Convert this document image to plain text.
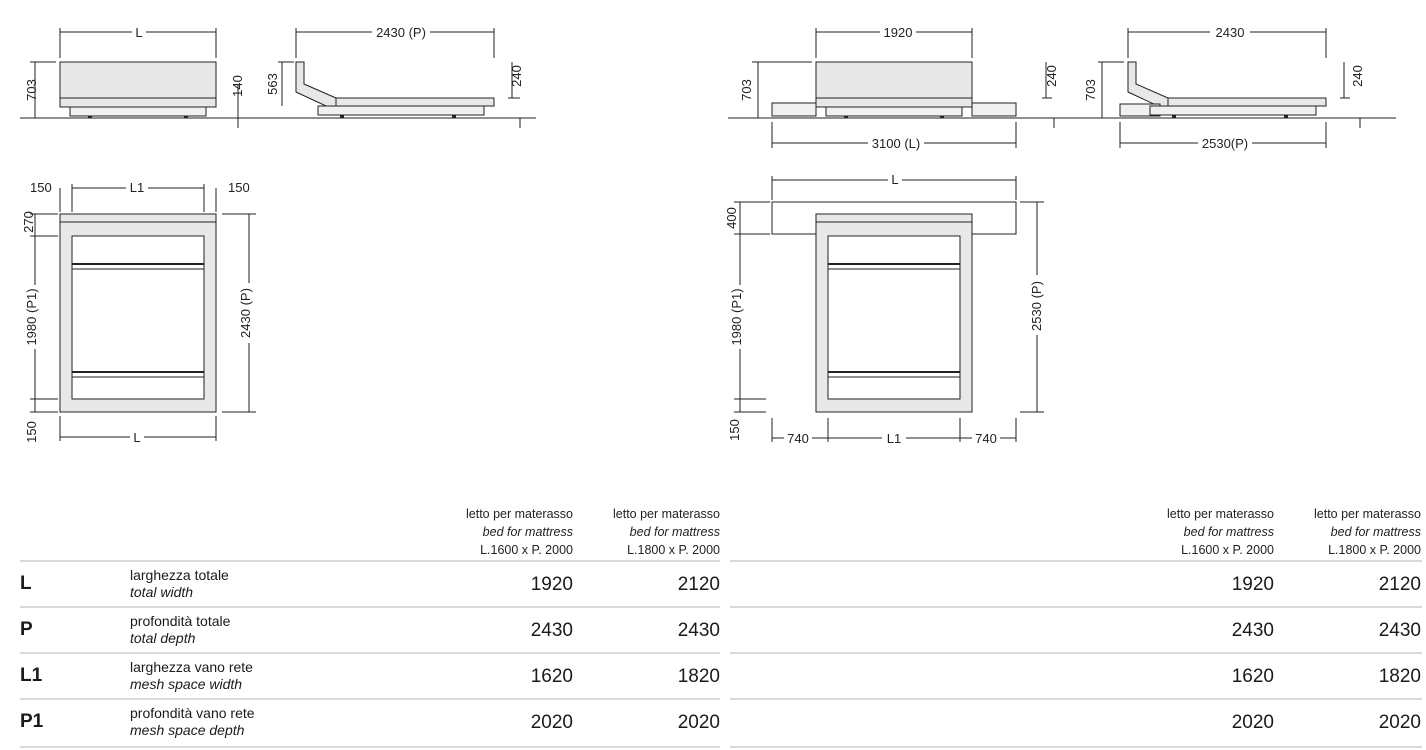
L
703	140
2430 (P)
563	240
150	L1	150
270
1980 (P1)
150	L
2430 (P)
1920
703
240
3100 (L)
2430
703
240
2530(P)
L
400
1980 (P1)
150
2530 (P)
740	L1	740
letto per materasso
bed for mattress
L.1600 x P. 2000
letto per materasso
bed for mattress
L.1800 x P. 2000
L	larghezza totale
total width	1920	2120
P	profondità totale
total depth	2430	2430
L1	larghezza vano rete
mesh space width	1620	1820
P1	profondità vano rete
mesh space depth	2020	2020
letto per materasso
bed for mattress
L.1600 x P. 2000
letto per materasso
bed for mattress
L.1800 x P. 2000
1920	2120
2430	2430
1620	1820
2020	2020
